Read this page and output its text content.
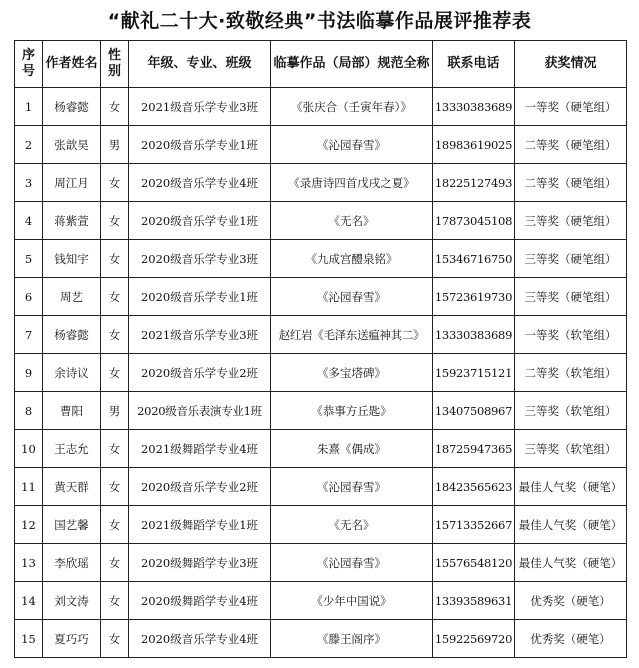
“献礼二十大·致敬经典”书法临摹作品展评推荐表
序号	作者姓名	性别	年级、专业、班级	临摹作品（局部）规范全称	联系电话	获奖情况
1	杨睿懿	女	2021级音乐学专业3班	《张庆合（壬寅年春）》	13330383689	一等奖（硬笔组）
2	张歆昊	男	2020级音乐学专业1班	《沁园春雪》	18983619025	二等奖（硬笔组）
3	周江月	女	2020级音乐学专业4班	《录唐诗四首戊戌之夏》	18225127493	二等奖（硬笔组）
4	蒋紫萱	女	2020级音乐学专业1班	《无名》	17873045108	三等奖（硬笔组）
5	钱知宇	女	2020级音乐学专业3班	《九成宫醴泉铭》	15346716750	三等奖（硬笔组）
6	周艺	女	2020级音乐学专业1班	《沁园春雪》	15723619730	三等奖（硬笔组）
7	杨睿懿	女	2021级音乐学专业3班	赵红岩《毛泽东送瘟神其二》	13330383689	一等奖（软笔组）
9	余诗议	女	2020级音乐学专业2班	《多宝塔碑》	15923715121	二等奖（软笔组）
8	曹阳	男	2020级音乐表演专业1班	《恭事方丘匙》	13407508967	三等奖（软笔组）
10	王志允	女	2021级舞蹈学专业4班	朱熹《偶成》	18725947365	三等奖（软笔组）
11	黄天群	女	2020级音乐学专业2班	《沁园春雪》	18423565623	最佳人气奖（硬笔）
12	国艺馨	女	2021级舞蹈学专业1班	《无名》	15713352667	最佳人气奖（硬笔）
13	李欣瑶	女	2020级舞蹈学专业3班	《沁园春雪》	15576548120	最佳人气奖（硬笔）
14	刘文涛	女	2020级舞蹈学专业4班	《少年中国说》	13393589631	优秀奖（硬笔）
15	夏巧巧	女	2020级音乐学专业4班	《滕王阁序》	15922569720	优秀奖（硬笔）
